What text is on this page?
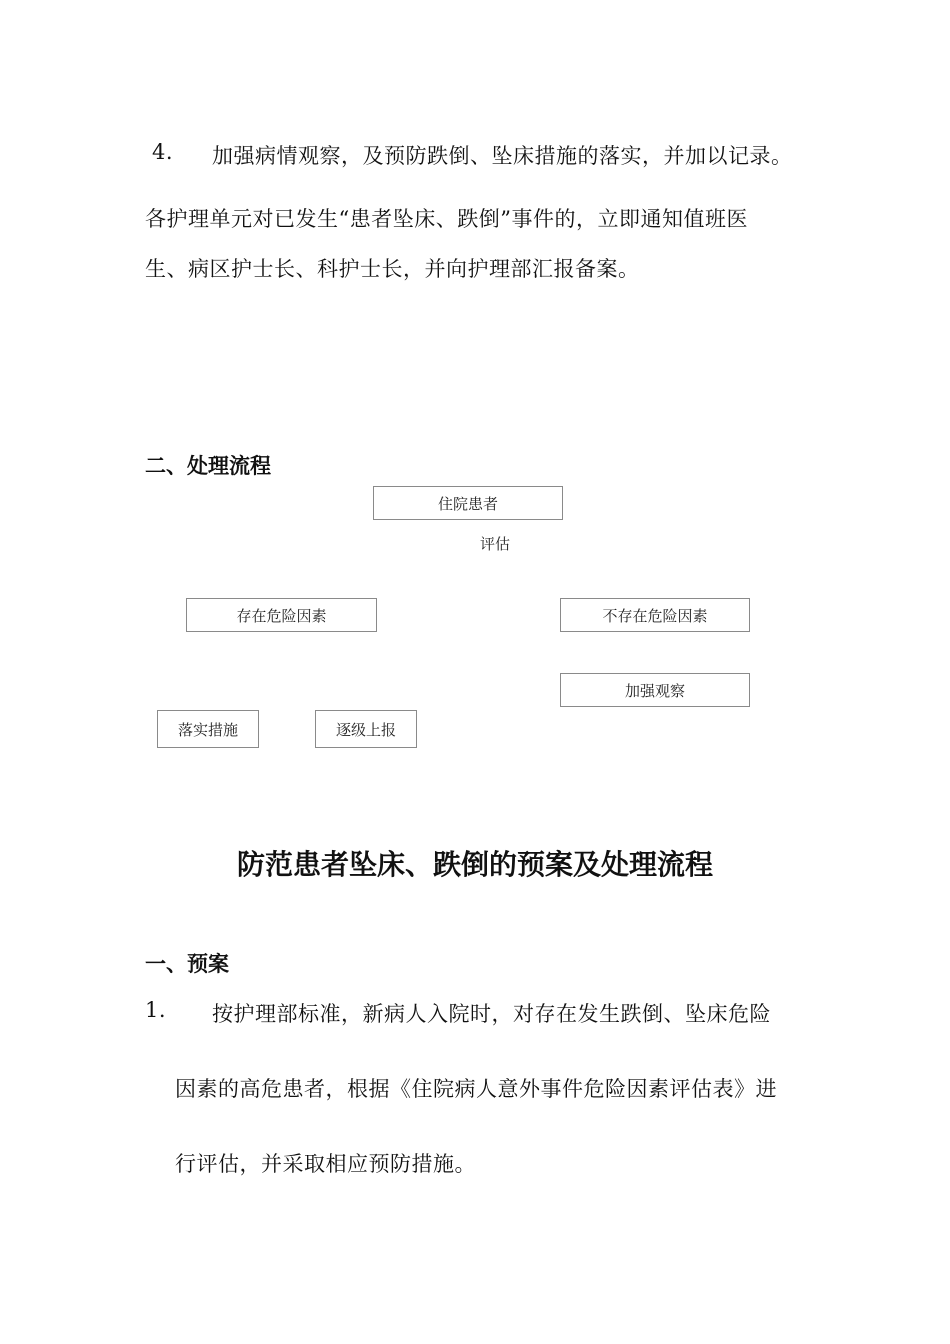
4. 加强病情观察，及预防跌倒、坠床措施的落实，并加以记录。
各护理单元对已发生“患者坠床、跌倒”事件的，立即通知值班医
生、病区护士长、科护士长，并向护理部汇报备案。
二、处理流程
住院患者
评估
存在危险因素	不存在危险因素
加强观察
落实措施	逐级上报
防范患者坠床、跌倒的预案及处理流程
一、预案
1. 按护理部标准，新病人入院时，对存在发生跌倒、坠床危险
因素的高危患者，根据《住院病人意外事件危险因素评估表》进
行评估，并采取相应预防措施。
